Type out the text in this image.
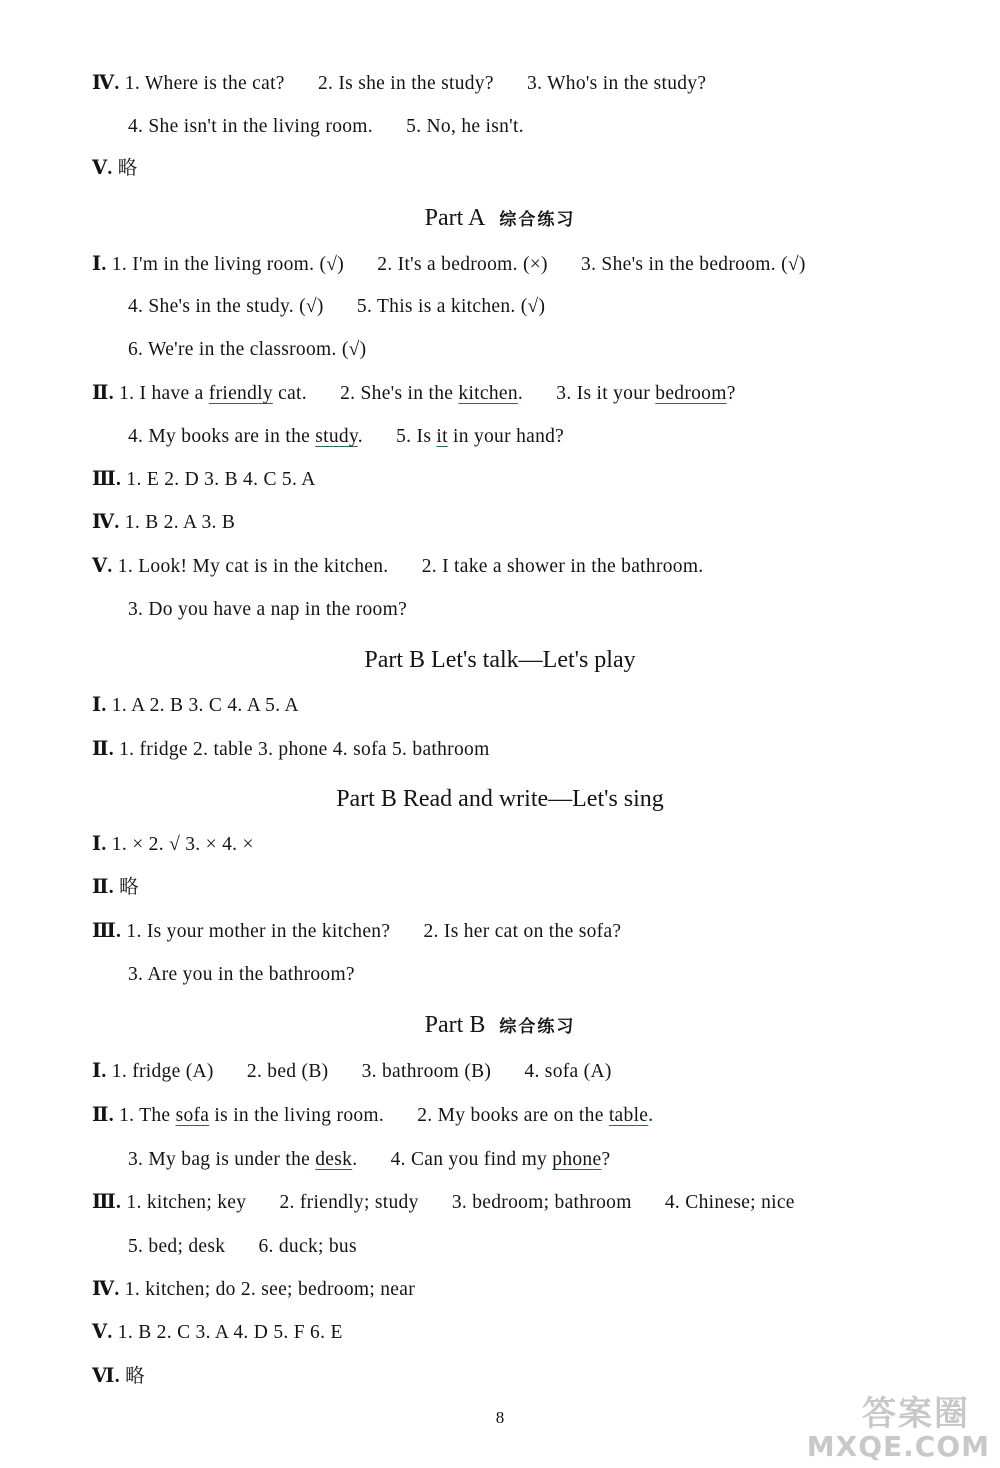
Ⅳ. 1. Where is the cat? 2. Is she in the study? 3. Who's in the study?
4. She isn't in the living room. 5. No, he isn't.
Ⅴ. 略
Part A 综合练习
Ⅰ. 1. I'm in the living room. (√) 2. It's a bedroom. (×) 3. She's in the bedroom. (√)
4. She's in the study. (√) 5. This is a kitchen. (√)
6. We're in the classroom. (√)
Ⅱ. 1. I have a friendly cat. 2. She's in the kitchen. 3. Is it your bedroom?
4. My books are in the study. 5. Is it in your hand?
Ⅲ. 1. E 2. D 3. B 4. C 5. A
Ⅳ. 1. B 2. A 3. B
Ⅴ. 1. Look! My cat is in the kitchen. 2. I take a shower in the bathroom.
3. Do you have a nap in the room?
Part B Let's talk—Let's play
Ⅰ. 1. A 2. B 3. C 4. A 5. A
Ⅱ. 1. fridge 2. table 3. phone 4. sofa 5. bathroom
Part B Read and write—Let's sing
Ⅰ. 1. × 2. √ 3. × 4. ×
Ⅱ. 略
Ⅲ. 1. Is your mother in the kitchen? 2. Is her cat on the sofa?
3. Are you in the bathroom?
Part B 综合练习
Ⅰ. 1. fridge (A) 2. bed (B) 3. bathroom (B) 4. sofa (A)
Ⅱ. 1. The sofa is in the living room. 2. My books are on the table.
3. My bag is under the desk. 4. Can you find my phone?
Ⅲ. 1. kitchen; key 2. friendly; study 3. bedroom; bathroom 4. Chinese; nice
5. bed; desk 6. duck; bus
Ⅳ. 1. kitchen; do 2. see; bedroom; near
Ⅴ. 1. B 2. C 3. A 4. D 5. F 6. E
Ⅵ. 略
8	答案圈
MXQE.COM
